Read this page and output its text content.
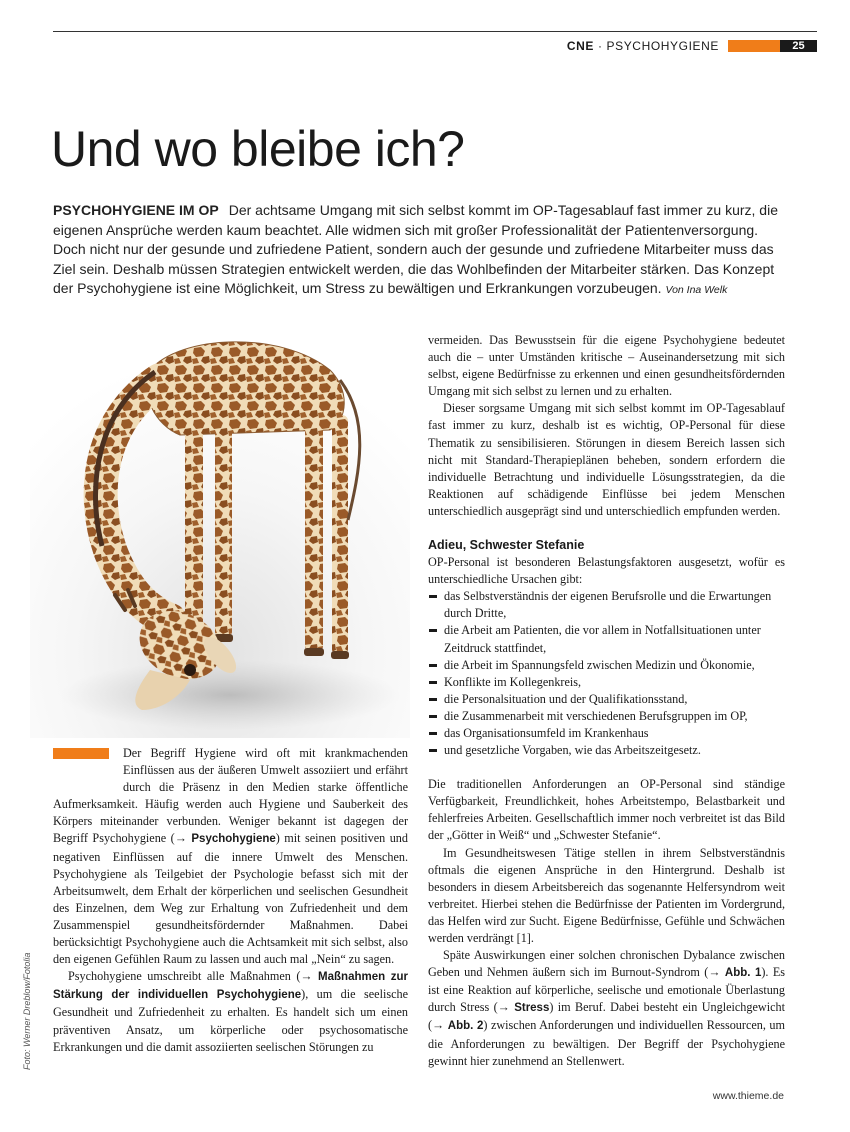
CNE · PSYCHOHYGIENE	25
Und wo bleibe ich?

PSYCHOHYGIENE IM OP Der achtsame Umgang mit sich selbst kommt im OP-Tagesablauf fast immer zu kurz, die eigenen Ansprüche werden kaum beachtet. Alle widmen sich mit großer Professionalität der Patientenversorgung. Doch nicht nur der gesunde und zufriedene Patient, sondern auch der gesunde und zufriedene Mitarbeiter muss das Ziel sein. Deshalb müssen Strategien entwickelt werden, die das Wohlbefinden der Mitarbeiter stärken. Das Konzept der Psychohygiene ist eine Möglichkeit, um Stress zu bewältigen und Erkrankungen vorzubeugen. Von Ina Welk

Foto: Werner Dreblow/Fotolia

Der Begriff Hygiene wird oft mit krankmachenden Einflüssen aus der äußeren Umwelt assoziiert und erfährt durch die Präsenz in den Medien starke öffentliche Aufmerksamkeit. Häufig werden auch Hygiene und Sauberkeit des Körpers miteinander verbunden. Weniger bekannt ist dagegen der Begriff Psychohygiene (→ Psychohygiene) mit seinen positiven und negativen Einflüssen auf die innere Umwelt des Menschen. Psychohygiene als Teilgebiet der Psychologie befasst sich mit der Arbeitsumwelt, dem Erhalt der körperlichen und seelischen Gesundheit des Einzelnen, dem Weg zur Erhaltung von Zufriedenheit und dem Zusammenspiel gesundheitsfördernder Maßnahmen. Dabei berücksichtigt Psychohygiene auch die Achtsamkeit mit sich selbst, also den eigenen Gefühlen Raum zu lassen und auch mal „Nein“ zu sagen.

Psychohygiene umschreibt alle Maßnahmen (→ Maßnahmen zur Stärkung der individuellen Psychohygiene), um die seelische Gesundheit und Zufriedenheit zu erhalten. Es handelt sich um einen präventiven Ansatz, um körperliche oder psychosomatische Erkrankungen und die damit assoziierten seelischen Störungen zu

vermeiden. Das Bewusstsein für die eigene Psychohygiene bedeutet auch die – unter Umständen kritische – Auseinandersetzung mit sich selbst, eigene Bedürfnisse zu erkennen und einen gesundheitsfördernden Umgang mit sich selbst zu lernen und zu erhalten.

Dieser sorgsame Umgang mit sich selbst kommt im OP-Tagesablauf fast immer zu kurz, deshalb ist es wichtig, OP-Personal für diese Thematik zu sensibilisieren. Störungen in diesem Bereich lassen sich nicht mit Standard-Therapieplänen beheben, sondern erfordern die individuelle Betrachtung und individuelle Lösungsstrategien, da die Reaktionen auf schädigende Einflüsse bei jedem Menschen unterschiedlich ausgeprägt sind und unterschiedlich empfunden werden.

Adieu, Schwester Stefanie

OP-Personal ist besonderen Belastungsfaktoren ausgesetzt, wofür es unterschiedliche Ursachen gibt:

das Selbstverständnis der eigenen Berufsrolle und die Erwartungen durch Dritte,
die Arbeit am Patienten, die vor allem in Notfallsituationen unter Zeitdruck stattfindet,
die Arbeit im Spannungsfeld zwischen Medizin und Ökonomie,
Konflikte im Kollegenkreis,
die Personalsituation und der Qualifikationsstand,
die Zusammenarbeit mit verschiedenen Berufsgruppen im OP,
das Organisationsumfeld im Krankenhaus
und gesetzliche Vorgaben, wie das Arbeitszeitgesetz.

Die traditionellen Anforderungen an OP-Personal sind ständige Verfügbarkeit, Freundlichkeit, hohes Arbeitstempo, Belastbarkeit und fehlerfreies Arbeiten. Gesellschaftlich immer noch verbreitet ist das Bild der „Götter in Weiß“ und „Schwester Stefanie“.

Im Gesundheitswesen Tätige stellen in ihrem Selbstverständnis oftmals die eigenen Ansprüche in den Hintergrund. Deshalb ist besonders in diesem Arbeitsbereich das sogenannte Helfersyndrom weit verbreitet. Hierbei stehen die Bedürfnisse der Patienten im Vordergrund, das Helfen wird zur Sucht. Eigene Bedürfnisse, Gefühle und Schwächen werden verdrängt [1].

Späte Auswirkungen einer solchen chronischen Dybalance zwischen Geben und Nehmen äußern sich im Burnout-Syndrom (→ Abb. 1). Es ist eine Reaktion auf körperliche, seelische und emotionale Überlastung durch Stress (→ Stress) im Beruf. Dabei besteht ein Ungleichgewicht (→ Abb. 2) zwischen Anforderungen und individuellen Ressourcen, um die Anforderungen zu bewältigen. Der Begriff der Psychohygiene gewinnt hier zunehmend an Stellenwert.

www.thieme.de
